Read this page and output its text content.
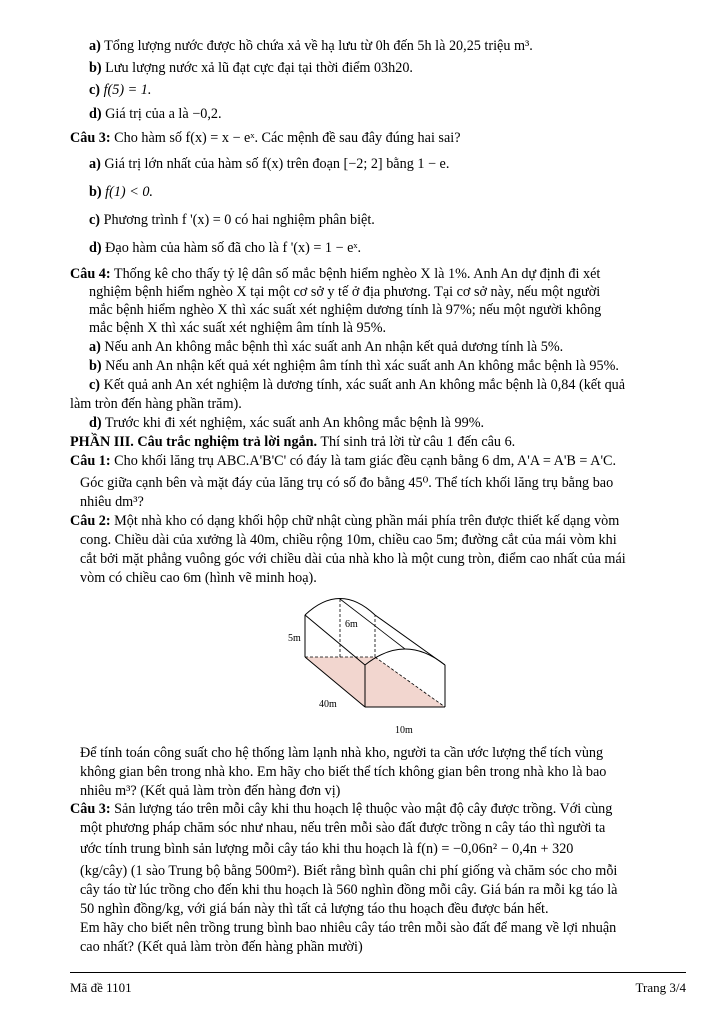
a) Tổng lượng nước được hồ chứa xả về hạ lưu từ 0h đến 5h là 20,25 triệu m³.
b) Lưu lượng nước xả lũ đạt cực đại tại thời điểm 03h20.
c) f(5) = 1.
d) Giá trị của a là −0,2.
Câu 3: Cho hàm số f(x) = x − eˣ. Các mệnh đề sau đây đúng hai sai?
a) Giá trị lớn nhất của hàm số f(x) trên đoạn [−2; 2] bằng 1 − e.
b) f(1) < 0.
c) Phương trình f '(x) = 0 có hai nghiệm phân biệt.
d) Đạo hàm của hàm số đã cho là f '(x) = 1 − eˣ.
Câu 4: Thống kê cho thấy tỷ lệ dân số mắc bệnh hiểm nghèo X là 1%. Anh An dự định đi xét
nghiệm bệnh hiểm nghèo X tại một cơ sở y tế ở địa phương. Tại cơ sở này, nếu một người
mắc bệnh hiểm nghèo X thì xác suất xét nghiệm dương tính là 97%; nếu một người không
mắc bệnh X thì xác suất xét nghiệm âm tính là 95%.
a) Nếu anh An không mắc bệnh thì xác suất anh An nhận kết quả dương tính là 5%.
b) Nếu anh An nhận kết quả xét nghiệm âm tính thì xác suất anh An không mắc bệnh là 95%.
c) Kết quả anh An xét nghiệm là dương tính, xác suất anh An không mắc bệnh là 0,84 (kết quả
làm tròn đến hàng phần trăm).
d) Trước khi đi xét nghiệm, xác suất anh An không mắc bệnh là 99%.
PHẦN III. Câu trắc nghiệm trả lời ngắn. Thí sinh trả lời từ câu 1 đến câu 6.
Câu 1: Cho khối lăng trụ ABC.A'B'C' có đáy là tam giác đều cạnh bằng 6 dm, A'A = A'B = A'C.
Góc giữa cạnh bên và mặt đáy của lăng trụ có số đo bằng 45⁰. Thể tích khối lăng trụ bằng bao
nhiêu dm³?
Câu 2: Một nhà kho có dạng khối hộp chữ nhật cùng phần mái phía trên được thiết kế dạng vòm
cong. Chiều dài của xưởng là 40m, chiều rộng 10m, chiều cao 5m; đường cắt của mái vòm khi
cắt bởi mặt phẳng vuông góc với chiều dài của nhà kho là một cung tròn, điểm cao nhất của mái
vòm có chiều cao 6m (hình vẽ minh hoạ).
6m
5m
40m
10m
Để tính toán công suất cho hệ thống làm lạnh nhà kho, người ta cần ước lượng thể tích vùng
không gian bên trong nhà kho. Em hãy cho biết thể tích không gian bên trong nhà kho là bao
nhiêu m³? (Kết quả làm tròn đến hàng đơn vị)
Câu 3: Sản lượng táo trên mỗi cây khi thu hoạch lệ thuộc vào mật độ cây được trồng. Với cùng
một phương pháp chăm sóc như nhau, nếu trên mỗi sào đất được trồng n cây táo thì người ta
ước tính trung bình sản lượng mỗi cây táo khi thu hoạch là f(n) = −0,06n² − 0,4n + 320
(kg/cây) (1 sào Trung bộ bằng 500m²). Biết rằng bình quân chi phí giống và chăm sóc cho mỗi
cây táo từ lúc trồng cho đến khi thu hoạch là 560 nghìn đồng mỗi cây. Giá bán ra mỗi kg táo là
50 nghìn đồng/kg, với giá bán này thì tất cả lượng táo thu hoạch đều được bán hết.
Em hãy cho biết nên trồng trung bình bao nhiêu cây táo trên mỗi sào đất để mang về lợi nhuận
cao nhất? (Kết quả làm tròn đến hàng phần mười)
Mã đề 1101	Trang 3/4
